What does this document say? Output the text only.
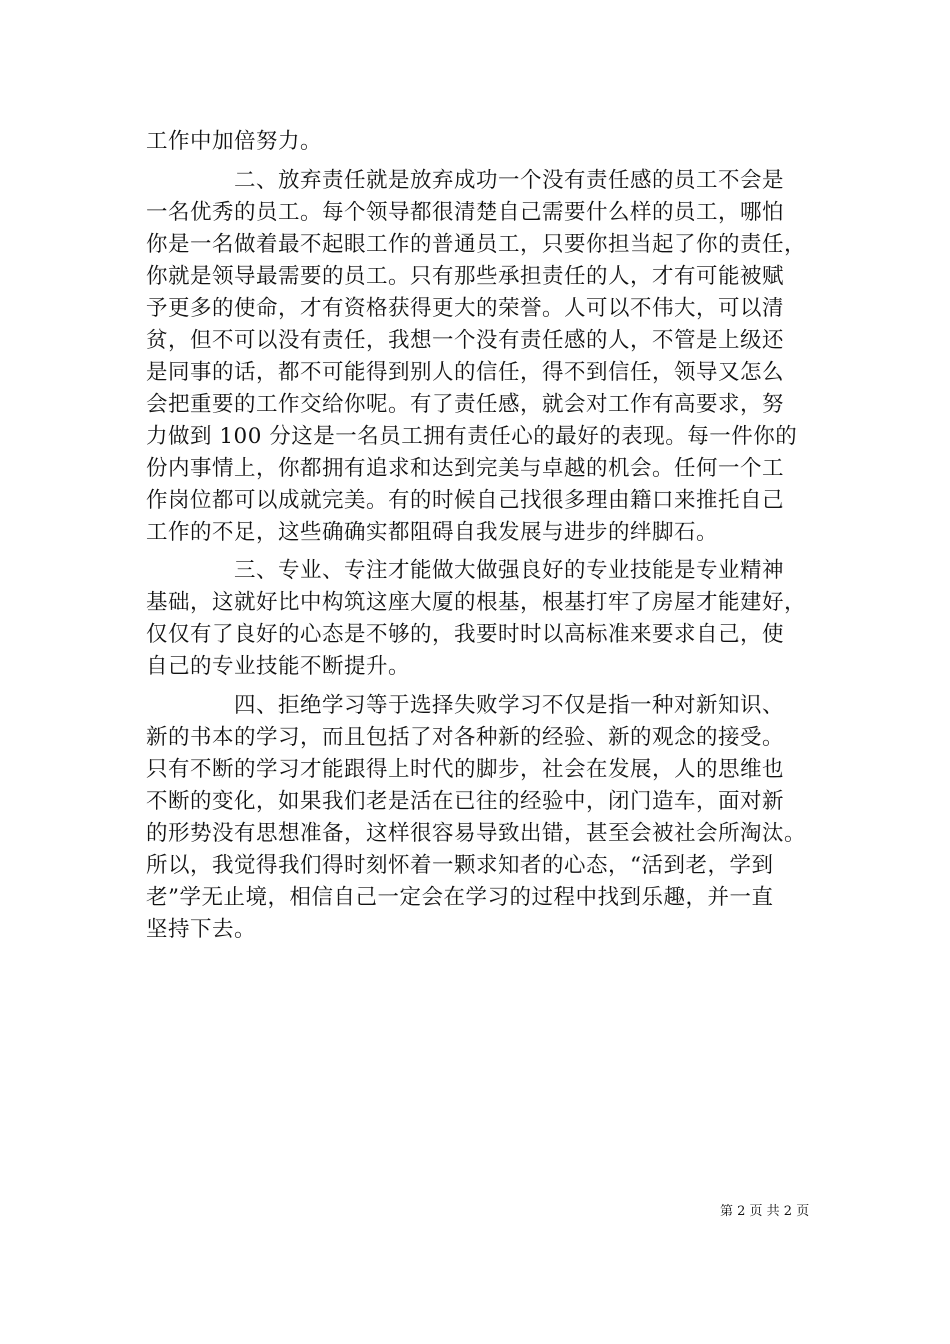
工作中加倍努力。
　　　　二、放弃责任就是放弃成功一个没有责任感的员工不会是
一名优秀的员工。每个领导都很清楚自己需要什么样的员工，哪怕
你是一名做着最不起眼工作的普通员工，只要你担当起了你的责任，
你就是领导最需要的员工。只有那些承担责任的人，才有可能被赋
予更多的使命，才有资格获得更大的荣誉。人可以不伟大，可以清
贫，但不可以没有责任，我想一个没有责任感的人，不管是上级还
是同事的话，都不可能得到别人的信任，得不到信任，领导又怎么
会把重要的工作交给你呢。有了责任感，就会对工作有高要求，努
力做到 100 分这是一名员工拥有责任心的最好的表现。每一件你的
份内事情上，你都拥有追求和达到完美与卓越的机会。任何一个工
作岗位都可以成就完美。有的时候自己找很多理由籍口来推托自己
工作的不足，这些确确实都阻碍自我发展与进步的绊脚石。
　　　　三、专业、专注才能做大做强良好的专业技能是专业精神
基础，这就好比中构筑这座大厦的根基，根基打牢了房屋才能建好，
仅仅有了良好的心态是不够的，我要时时以高标准来要求自己，使
自己的专业技能不断提升。
　　　　四、拒绝学习等于选择失败学习不仅是指一种对新知识、
新的书本的学习，而且包括了对各种新的经验、新的观念的接受。
只有不断的学习才能跟得上时代的脚步，社会在发展，人的思维也
不断的变化，如果我们老是活在已往的经验中，闭门造车，面对新
的形势没有思想准备，这样很容易导致出错，甚至会被社会所淘汰。
所以，我觉得我们得时刻怀着一颗求知者的心态，“活到老，学到
老”学无止境，相信自己一定会在学习的过程中找到乐趣，并一直
坚持下去。
第 2 页 共 2 页
